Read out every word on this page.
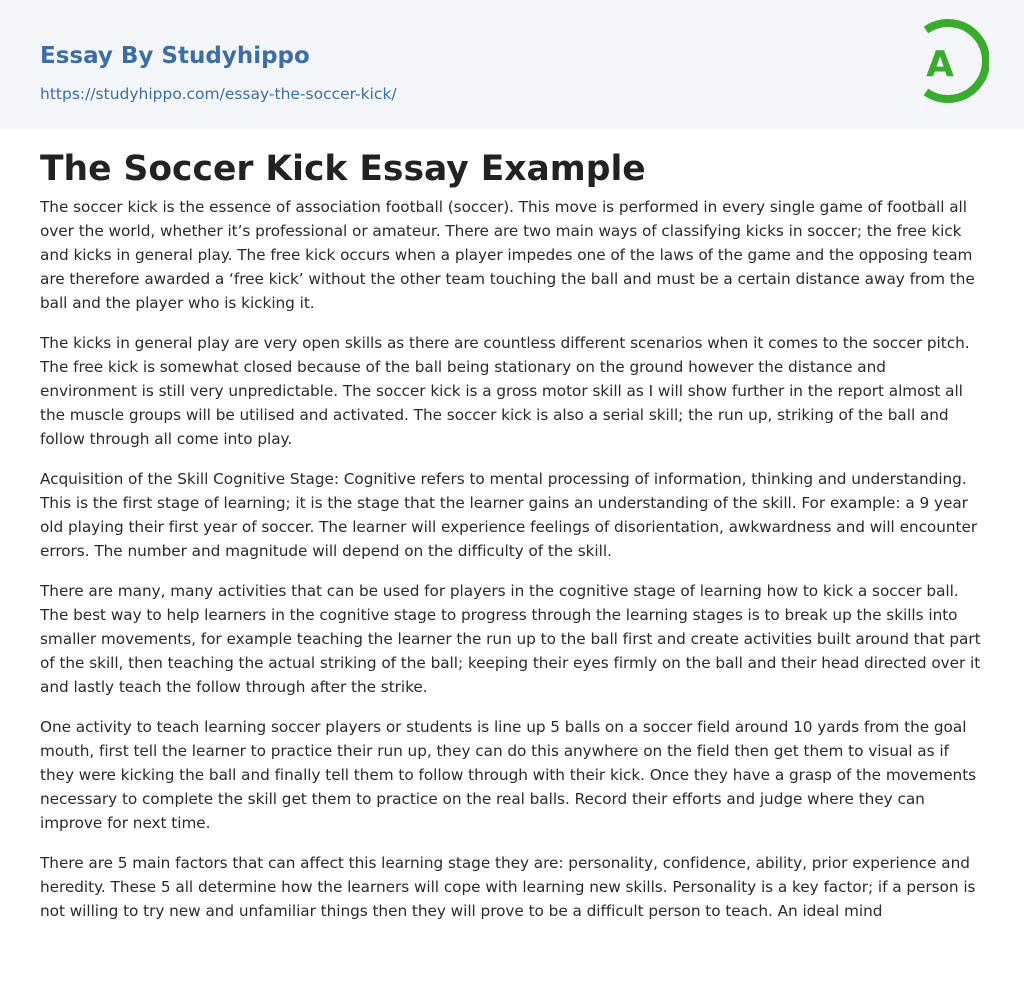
Essay By Studyhippo
https://studyhippo.com/essay-the-soccer-kick/
A
The Soccer Kick Essay Example

The soccer kick is the essence of association football (soccer). This move is performed in every single game of football all over the world, whether it’s professional or amateur. There are two main ways of classifying kicks in soccer; the free kick and kicks in general play. The free kick occurs when a player impedes one of the laws of the game and the opposing team are therefore awarded a ‘free kick’ without the other team touching the ball and must be a certain distance away from the ball and the player who is kicking it.

The kicks in general play are very open skills as there are countless different scenarios when it comes to the soccer pitch. The free kick is somewhat closed because of the ball being stationary on the ground however the distance and environment is still very unpredictable. The soccer kick is a gross motor skill as I will show further in the report almost all the muscle groups will be utilised and activated. The soccer kick is also a serial skill; the run up, striking of the ball and follow through all come into play.

Acquisition of the Skill Cognitive Stage: Cognitive refers to mental processing of information, thinking and understanding. This is the first stage of learning; it is the stage that the learner gains an understanding of the skill. For example: a 9 year old playing their first year of soccer. The learner will experience feelings of disorientation, awkwardness and will encounter errors. The number and magnitude will depend on the difficulty of the skill.

There are many, many activities that can be used for players in the cognitive stage of learning how to kick a soccer ball. The best way to help learners in the cognitive stage to progress through the learning stages is to break up the skills into smaller movements, for example teaching the learner the run up to the ball first and create activities built around that part of the skill, then teaching the actual striking of the ball; keeping their eyes firmly on the ball and their head directed over it and lastly teach the follow through after the strike.

One activity to teach learning soccer players or students is line up 5 balls on a soccer field around 10 yards from the goal mouth, first tell the learner to practice their run up, they can do this anywhere on the field then get them to visual as if they were kicking the ball and finally tell them to follow through with their kick. Once they have a grasp of the movements necessary to complete the skill get them to practice on the real balls. Record their efforts and judge where they can improve for next time.

There are 5 main factors that can affect this learning stage they are: personality, confidence, ability, prior experience and heredity. These 5 all determine how the learners will cope with learning new skills. Personality is a key factor; if a person is not willing to try new and unfamiliar things then they will prove to be a difficult person to teach. An ideal mind
